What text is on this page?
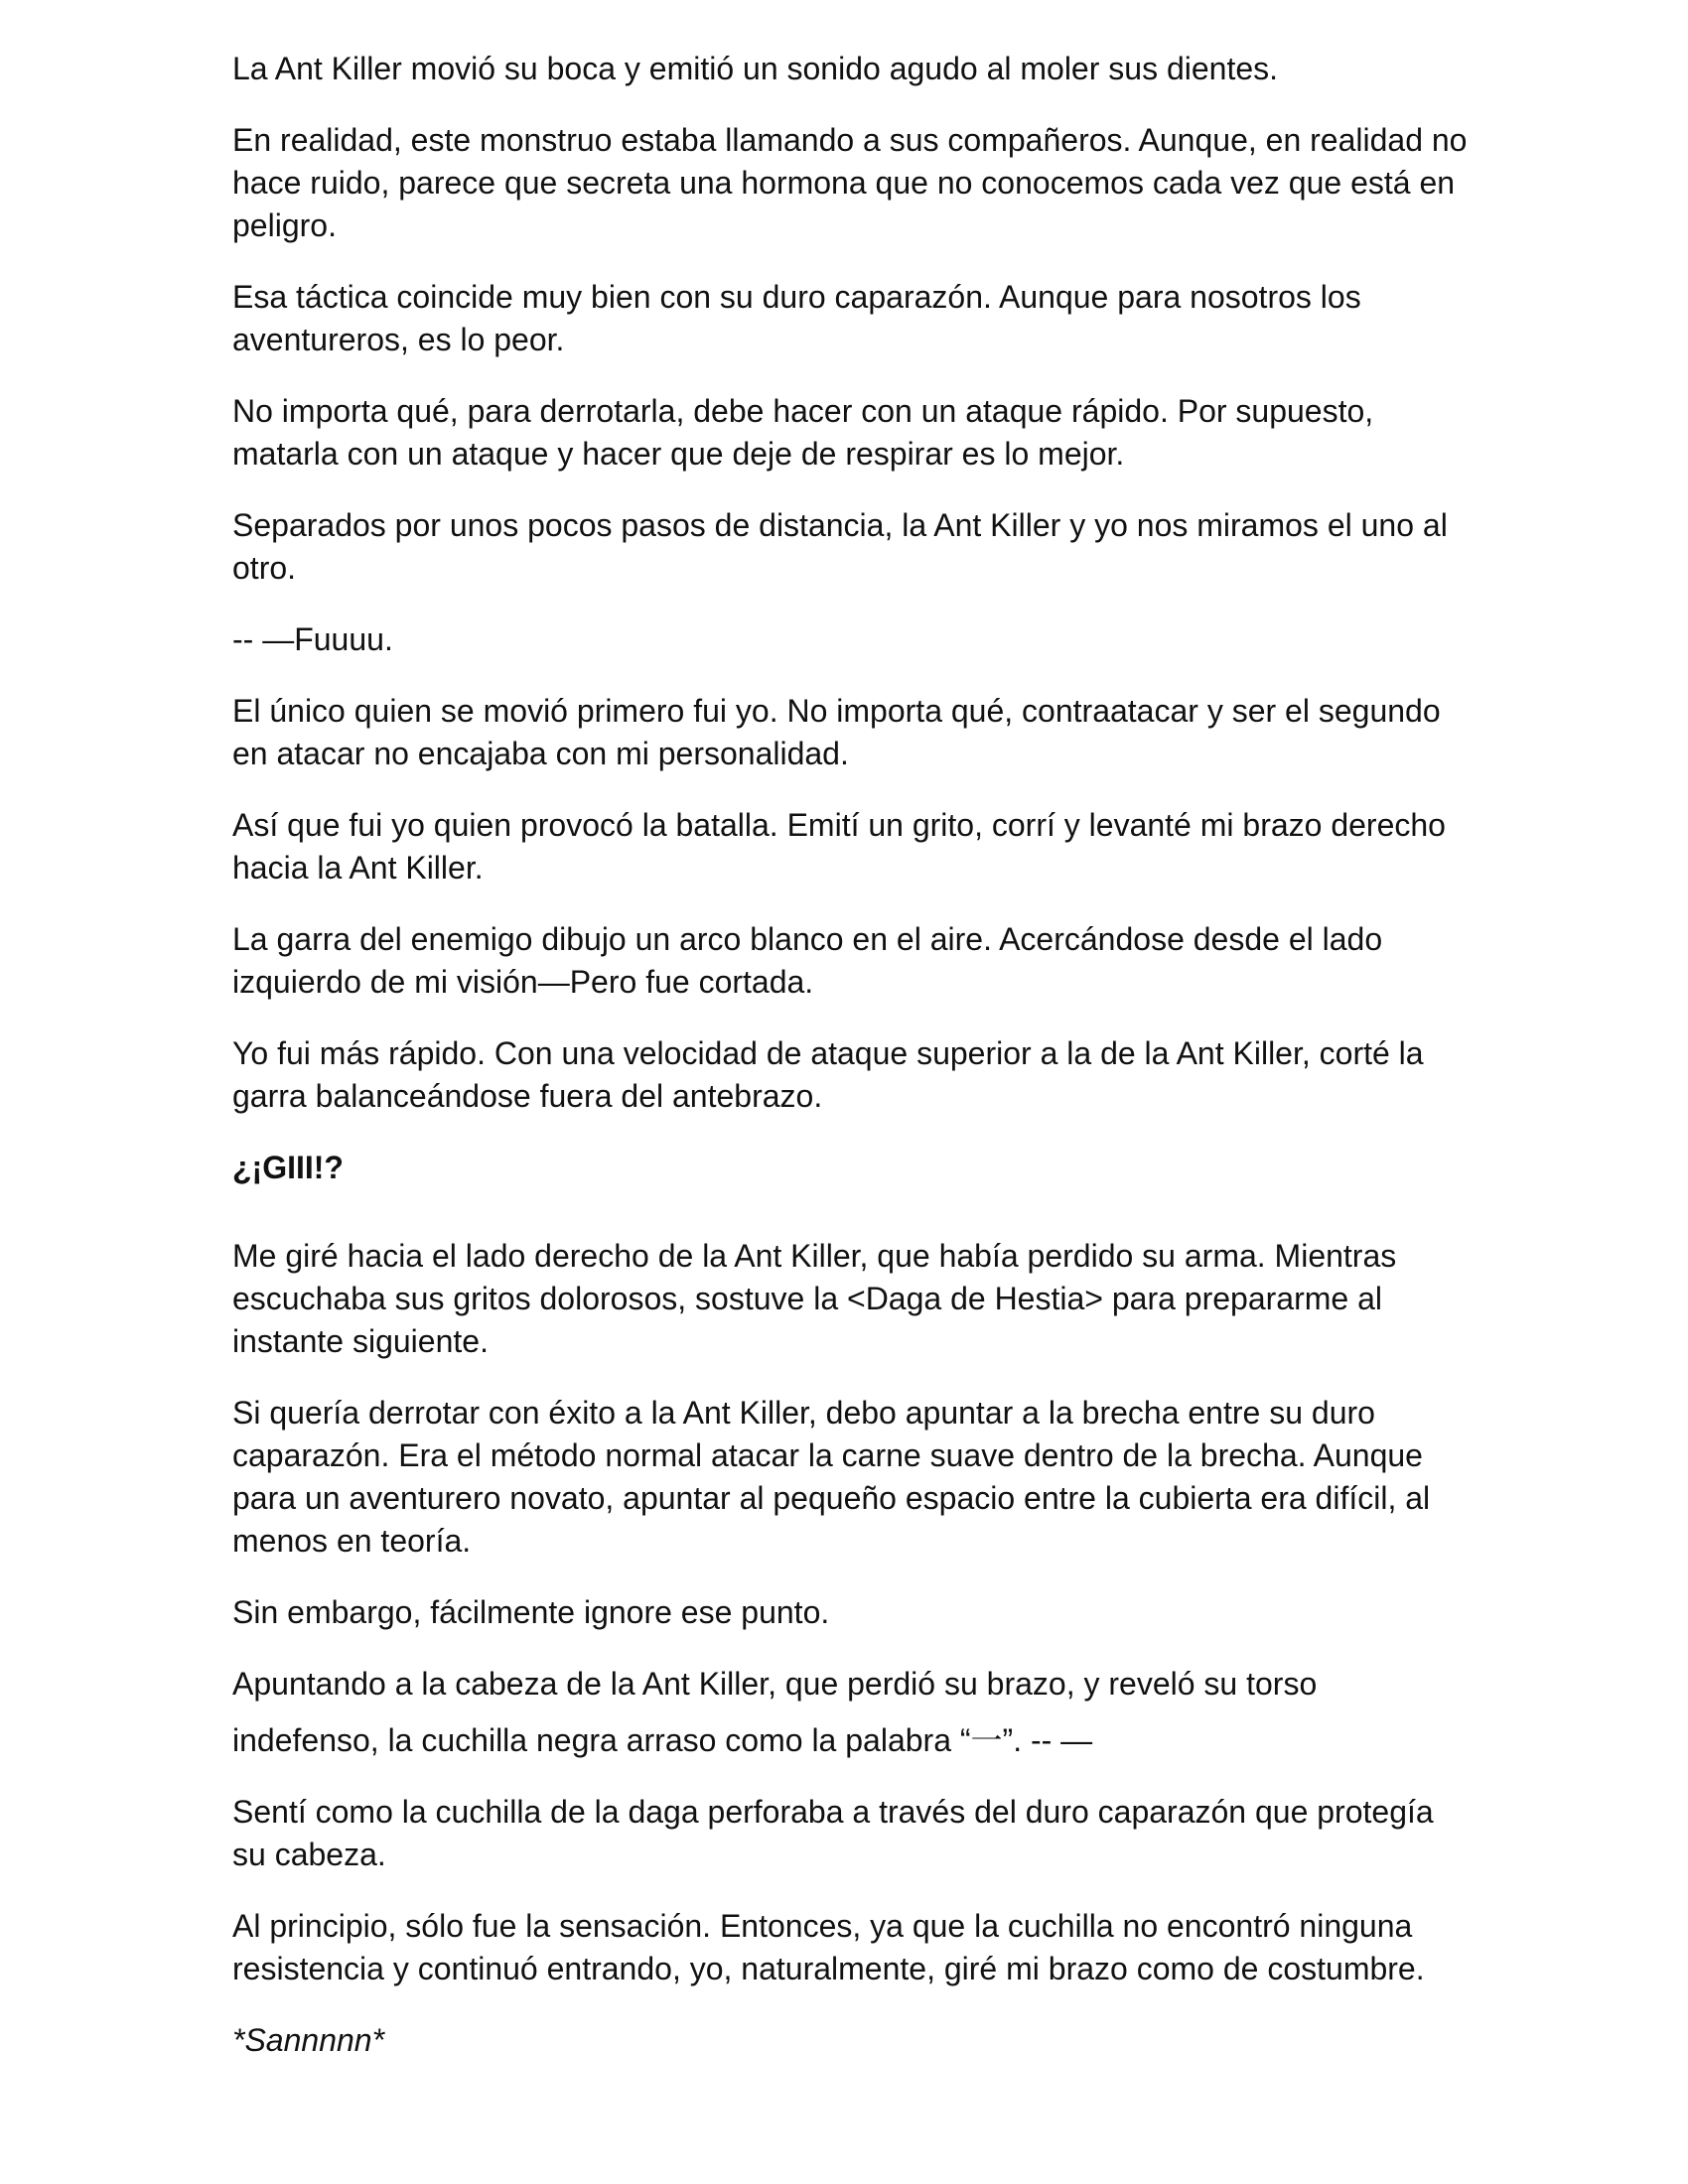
La Ant Killer movió su boca y emitió un sonido agudo al moler sus dientes.

En realidad, este monstruo estaba llamando a sus compañeros. Aunque, en realidad no hace ruido, parece que secreta una hormona que no conocemos cada vez que está en peligro.

Esa táctica coincide muy bien con su duro caparazón. Aunque para nosotros los aventureros, es lo peor.

No importa qué, para derrotarla, debe hacer con un ataque rápido. Por supuesto, matarla con un ataque y hacer que deje de respirar es lo mejor.

Separados por unos pocos pasos de distancia, la Ant Killer y yo nos miramos el uno al otro.

-- —Fuuuu.

El único quien se movió primero fui yo. No importa qué, contraatacar y ser el segundo en atacar no encajaba con mi personalidad.

Así que fui yo quien provocó la batalla. Emití un grito, corrí y levanté mi brazo derecho hacia la Ant Killer.

La garra del enemigo dibujo un arco blanco en el aire. Acercándose desde el lado izquierdo de mi visión—Pero fue cortada.

Yo fui más rápido. Con una velocidad de ataque superior a la de la Ant Killer, corté la garra balanceándose fuera del antebrazo.

¿¡GIII!?

Me giré hacia el lado derecho de la Ant Killer, que había perdido su arma. Mientras escuchaba sus gritos dolorosos, sostuve la <Daga de Hestia> para prepararme al instante siguiente.

Si quería derrotar con éxito a la Ant Killer, debo apuntar a la brecha entre su duro caparazón. Era el método normal atacar la carne suave dentro de la brecha. Aunque para un aventurero novato, apuntar al pequeño espacio entre la cubierta era difícil, al menos en teoría.

Sin embargo, fácilmente ignore ese punto.

Apuntando a la cabeza de la Ant Killer, que perdió su brazo, y reveló su torso
indefenso, la cuchilla negra arraso como la palabra “一”. -- —

Sentí como la cuchilla de la daga perforaba a través del duro caparazón que protegía su cabeza.

Al principio, sólo fue la sensación. Entonces, ya que la cuchilla no encontró ninguna resistencia y continuó entrando, yo, naturalmente, giré mi brazo como de costumbre.

*Sannnnn*
